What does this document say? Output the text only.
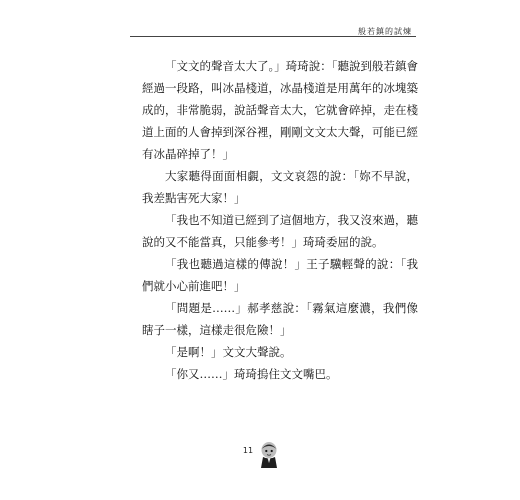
般若鎮的試煉

「文文的聲音太大了。」琦琦說：「聽說到般若鎮會經過一段路，叫冰晶棧道，冰晶棧道是用萬年的冰塊築成的，非常脆弱，說話聲音太大，它就會碎掉，走在棧道上面的人會掉到深谷裡，剛剛文文太大聲，可能已經有冰晶碎掉了！」

大家聽得面面相覷，文文哀怨的說：「妳不早說，我差點害死大家！」

「我也不知道已經到了這個地方，我又沒來過，聽說的又不能當真，只能參考！」琦琦委屈的說。

「我也聽過這樣的傳說！」王子驥輕聲的說：「我們就小心前進吧！」

「問題是……」郝孝慈說：「霧氣這麼濃，我們像瞎子一樣，這樣走很危險！」

「是啊！」文文大聲說。

「你又……」琦琦摀住文文嘴巴。

11
